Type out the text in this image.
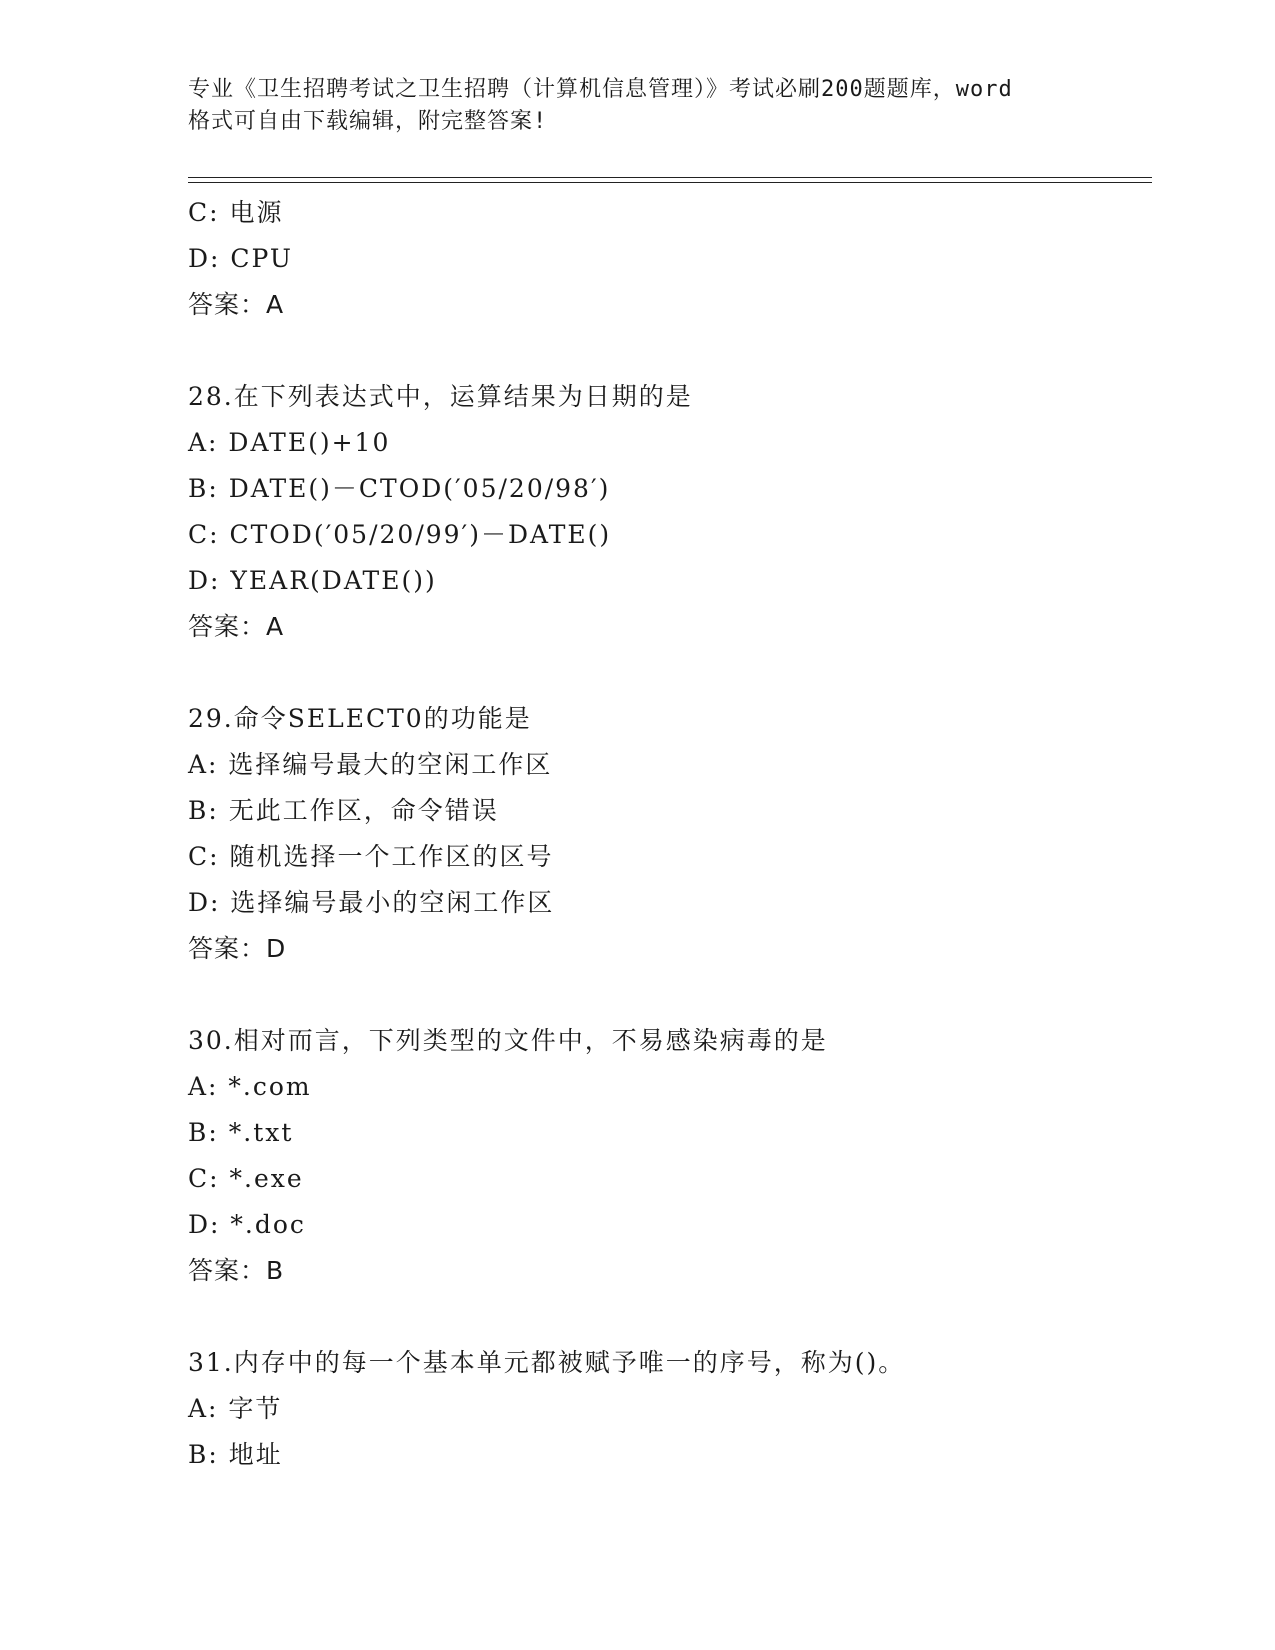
专业《卫生招聘考试之卫生招聘（计算机信息管理）》考试必刷200题题库，word
格式可自由下载编辑，附完整答案!
C: 电源
D: CPU
答案：A
28.在下列表达式中，运算结果为日期的是
A: DATE()+10
B: DATE()－CTOD(′05/20/98′)
C: CTOD(′05/20/99′)－DATE()
D: YEAR(DATE())
答案：A
29.命令SELECT0的功能是
A: 选择编号最大的空闲工作区
B: 无此工作区，命令错误
C: 随机选择一个工作区的区号
D: 选择编号最小的空闲工作区
答案：D
30.相对而言，下列类型的文件中，不易感染病毒的是
A: *.com
B: *.txt
C: *.exe
D: *.doc
答案：B
31.内存中的每一个基本单元都被赋予唯一的序号，称为()。
A: 字节
B: 地址
